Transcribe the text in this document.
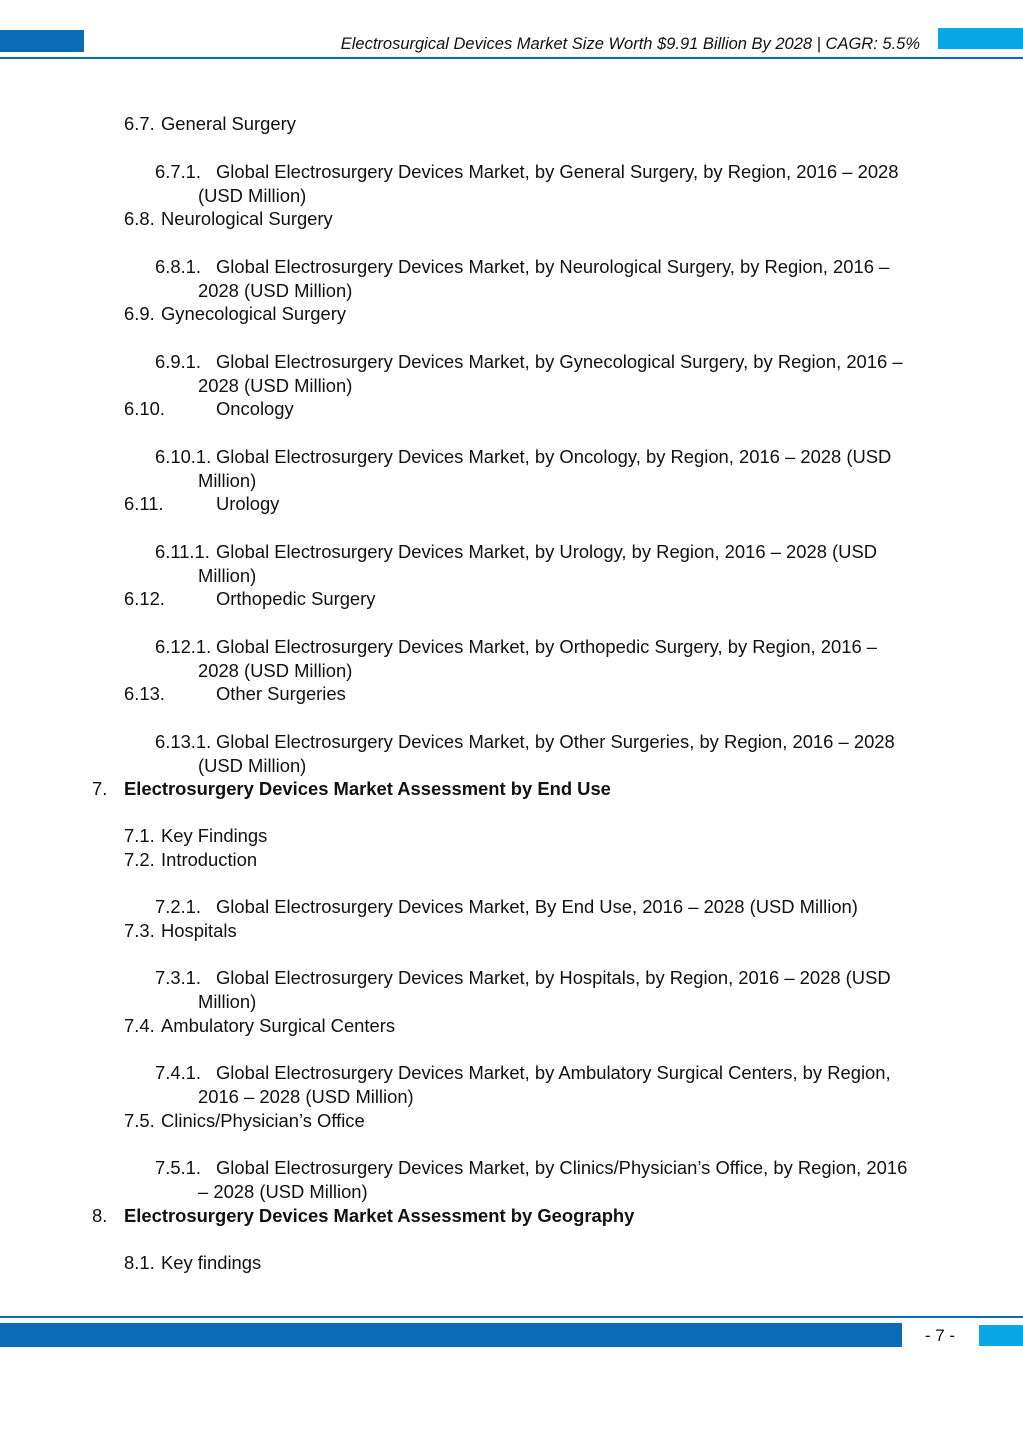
Electrosurgical Devices Market Size Worth $9.91 Billion By 2028 | CAGR: 5.5%
6.7. General Surgery
6.7.1. Global Electrosurgery Devices Market, by General Surgery, by Region, 2016 – 2028 (USD Million)
6.8. Neurological Surgery
6.8.1. Global Electrosurgery Devices Market, by Neurological Surgery, by Region, 2016 – 2028 (USD Million)
6.9. Gynecological Surgery
6.9.1. Global Electrosurgery Devices Market, by Gynecological Surgery, by Region, 2016 – 2028 (USD Million)
6.10.	Oncology
6.10.1. Global Electrosurgery Devices Market, by Oncology, by Region, 2016 – 2028 (USD Million)
6.11.	Urology
6.11.1. Global Electrosurgery Devices Market, by Urology, by Region, 2016 – 2028 (USD Million)
6.12.	Orthopedic Surgery
6.12.1. Global Electrosurgery Devices Market, by Orthopedic Surgery, by Region, 2016 – 2028 (USD Million)
6.13.	Other Surgeries
6.13.1. Global Electrosurgery Devices Market, by Other Surgeries, by Region, 2016 – 2028 (USD Million)
7. Electrosurgery Devices Market Assessment by End Use
7.1. Key Findings
7.2. Introduction
7.2.1. Global Electrosurgery Devices Market, By End Use, 2016 – 2028 (USD Million)
7.3. Hospitals
7.3.1. Global Electrosurgery Devices Market, by Hospitals, by Region, 2016 – 2028 (USD Million)
7.4. Ambulatory Surgical Centers
7.4.1. Global Electrosurgery Devices Market, by Ambulatory Surgical Centers, by Region, 2016 – 2028 (USD Million)
7.5. Clinics/Physician’s Office
7.5.1. Global Electrosurgery Devices Market, by Clinics/Physician’s Office, by Region, 2016 – 2028 (USD Million)
8. Electrosurgery Devices Market Assessment by Geography
8.1. Key findings
- 7 -
